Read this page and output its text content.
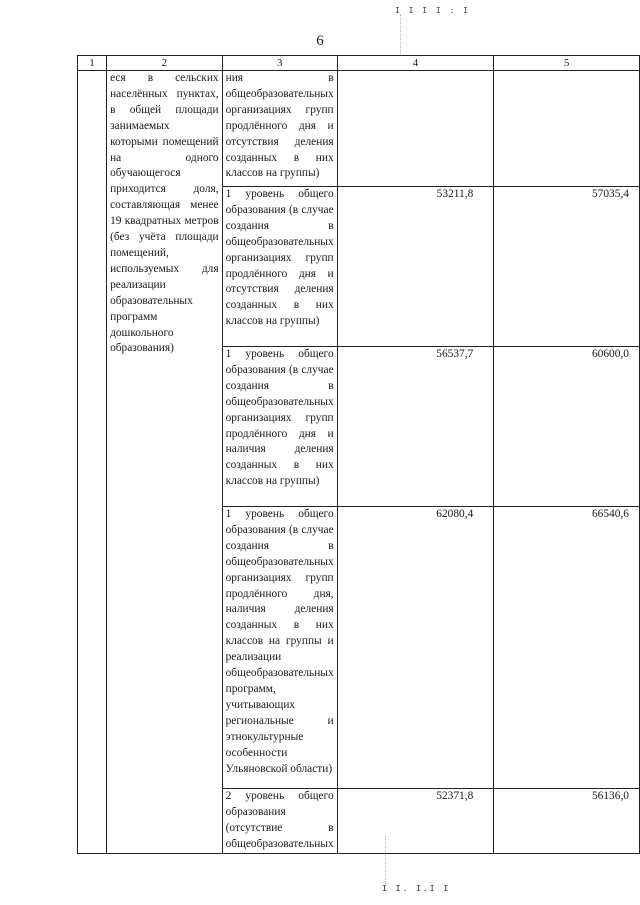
I I I I : I
6
1	2	3	4	5
	еся в сельских населённых пунктах, в общей площади занимаемых которыми помещений на одного обучающегося приходится доля, составляющая менее 19 квадратных метров (без учёта площади помещений, используемых для реализации образовательных программ дошкольного образования)	ния в общеобразовательных организациях групп продлённого дня и отсутствия деления созданных в них классов на группы)		
		1 уровень общего образования (в случае создания в общеобразовательных организациях групп продлённого дня и отсутствия деления созданных в них классов на группы)	53211,8	57035,4
		1 уровень общего образования (в случае создания в общеобразовательных организациях групп продлённого дня и наличия деления созданных в них классов на группы)	56537,7	60600,0
		1 уровень общего образования (в случае создания в общеобразовательных организациях групп продлённого дня, наличия деления созданных в них классов на группы и реализации общеобразовательных программ, учитывающих региональные и этнокультурные особенности Ульяновской области)	62080,4	66540,6
		2 уровень общего образования (отсутствие в общеобразовательных	52371,8	56136,0
I I. I.I I
